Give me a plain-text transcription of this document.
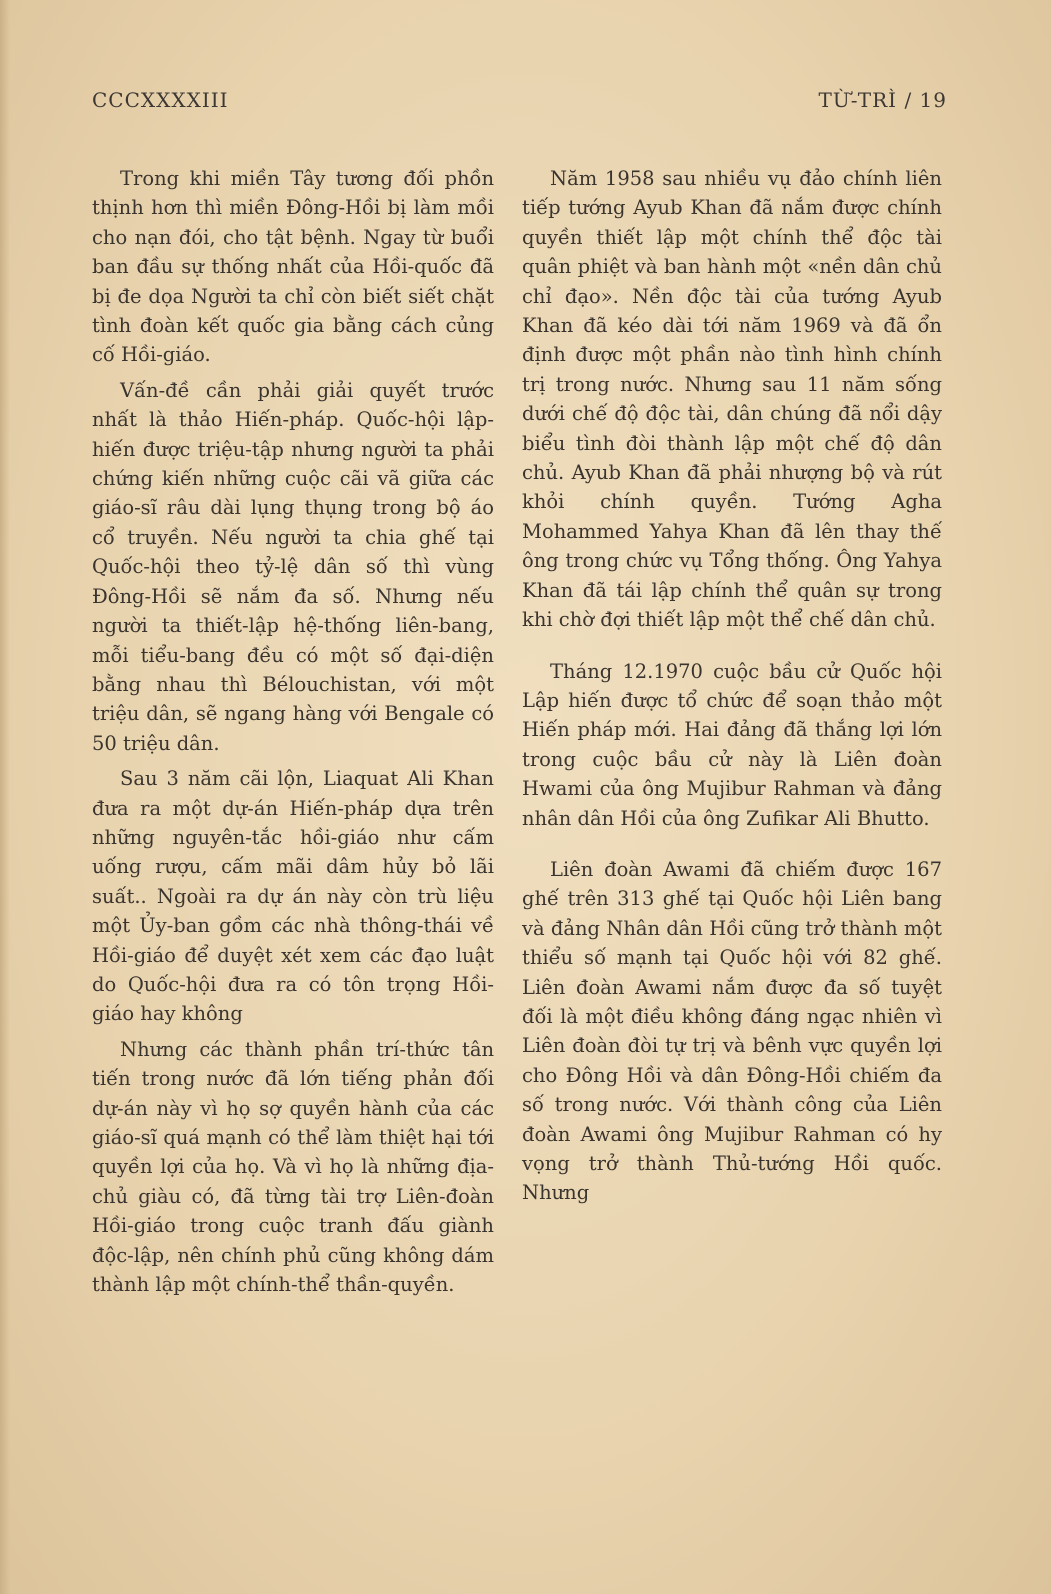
CCCXXXXIII	TỪ-TRÌ / 19

Trong khi miền Tây tương đối phồn thịnh hơn thì miền Đông-Hồi bị làm mồi cho nạn đói, cho tật bệnh. Ngay từ buổi ban đầu sự thống nhất của Hồi-quốc đã bị đe dọa Người ta chỉ còn biết siết chặt tình đoàn kết quốc gia bằng cách củng cố Hồi-giáo.

Vấn-đề cần phải giải quyết trước nhất là thảo Hiến-pháp. Quốc-hội lập-hiến được triệu-tập nhưng người ta phải chứng kiến những cuộc cãi vã giữa các giáo-sĩ râu dài lụng thụng trong bộ áo cổ truyền. Nếu người ta chia ghế tại Quốc-hội theo tỷ-lệ dân số thì vùng Đông-Hồi sẽ nắm đa số. Nhưng nếu người ta thiết-lập hệ-thống liên-bang, mỗi tiểu-bang đều có một số đại-diện bằng nhau thì Bélouchistan, với một triệu dân, sẽ ngang hàng với Bengale có 50 triệu dân.

Sau 3 năm cãi lộn, Liaquat Ali Khan đưa ra một dự-án Hiến-pháp dựa trên những nguyên-tắc hồi-giáo như cấm uống rượu, cấm mãi dâm hủy bỏ lãi suất.. Ngoài ra dự án này còn trù liệu một Ủy-ban gồm các nhà thông-thái về Hồi-giáo để duyệt xét xem các đạo luật do Quốc-hội đưa ra có tôn trọng Hồi-giáo hay không

Nhưng các thành phần trí-thức tân tiến trong nước đã lớn tiếng phản đối dự-án này vì họ sợ quyền hành của các giáo-sĩ quá mạnh có thể làm thiệt hại tới quyền lợi của họ. Và vì họ là những địa-chủ giàu có, đã từng tài trợ Liên-đoàn Hồi-giáo trong cuộc tranh đấu giành độc-lập, nên chính phủ cũng không dám thành lập một chính-thể thần-quyền.

Năm 1958 sau nhiều vụ đảo chính liên tiếp tướng Ayub Khan đã nắm được chính quyền thiết lập một chính thể độc tài quân phiệt và ban hành một «nền dân chủ chỉ đạo». Nền độc tài của tướng Ayub Khan đã kéo dài tới năm 1969 và đã ổn định được một phần nào tình hình chính trị trong nước. Nhưng sau 11 năm sống dưới chế độ độc tài, dân chúng đã nổi dậy biểu tình đòi thành lập một chế độ dân chủ. Ayub Khan đã phải nhượng bộ và rút khỏi chính quyền. Tướng Agha Mohammed Yahya Khan đã lên thay thế ông trong chức vụ Tổng thống. Ông Yahya Khan đã tái lập chính thể quân sự trong khi chờ đợi thiết lập một thể chế dân chủ.

Tháng 12.1970 cuộc bầu cử Quốc hội Lập hiến được tổ chức để soạn thảo một Hiến pháp mới. Hai đảng đã thắng lợi lớn trong cuộc bầu cử này là Liên đoàn Hwami của ông Mujibur Rahman và đảng nhân dân Hồi của ông Zufikar Ali Bhutto.

Liên đoàn Awami đã chiếm được 167 ghế trên 313 ghế tại Quốc hội Liên bang và đảng Nhân dân Hồi cũng trở thành một thiểu số mạnh tại Quốc hội với 82 ghế. Liên đoàn Awami nắm được đa số tuyệt đối là một điều không đáng ngạc nhiên vì Liên đoàn đòi tự trị và bênh vực quyền lợi cho Đông Hồi và dân Đông-Hồi chiếm đa số trong nước. Với thành công của Liên đoàn Awami ông Mujibur Rahman có hy vọng trở thành Thủ-tướng Hồi quốc. Nhưng
